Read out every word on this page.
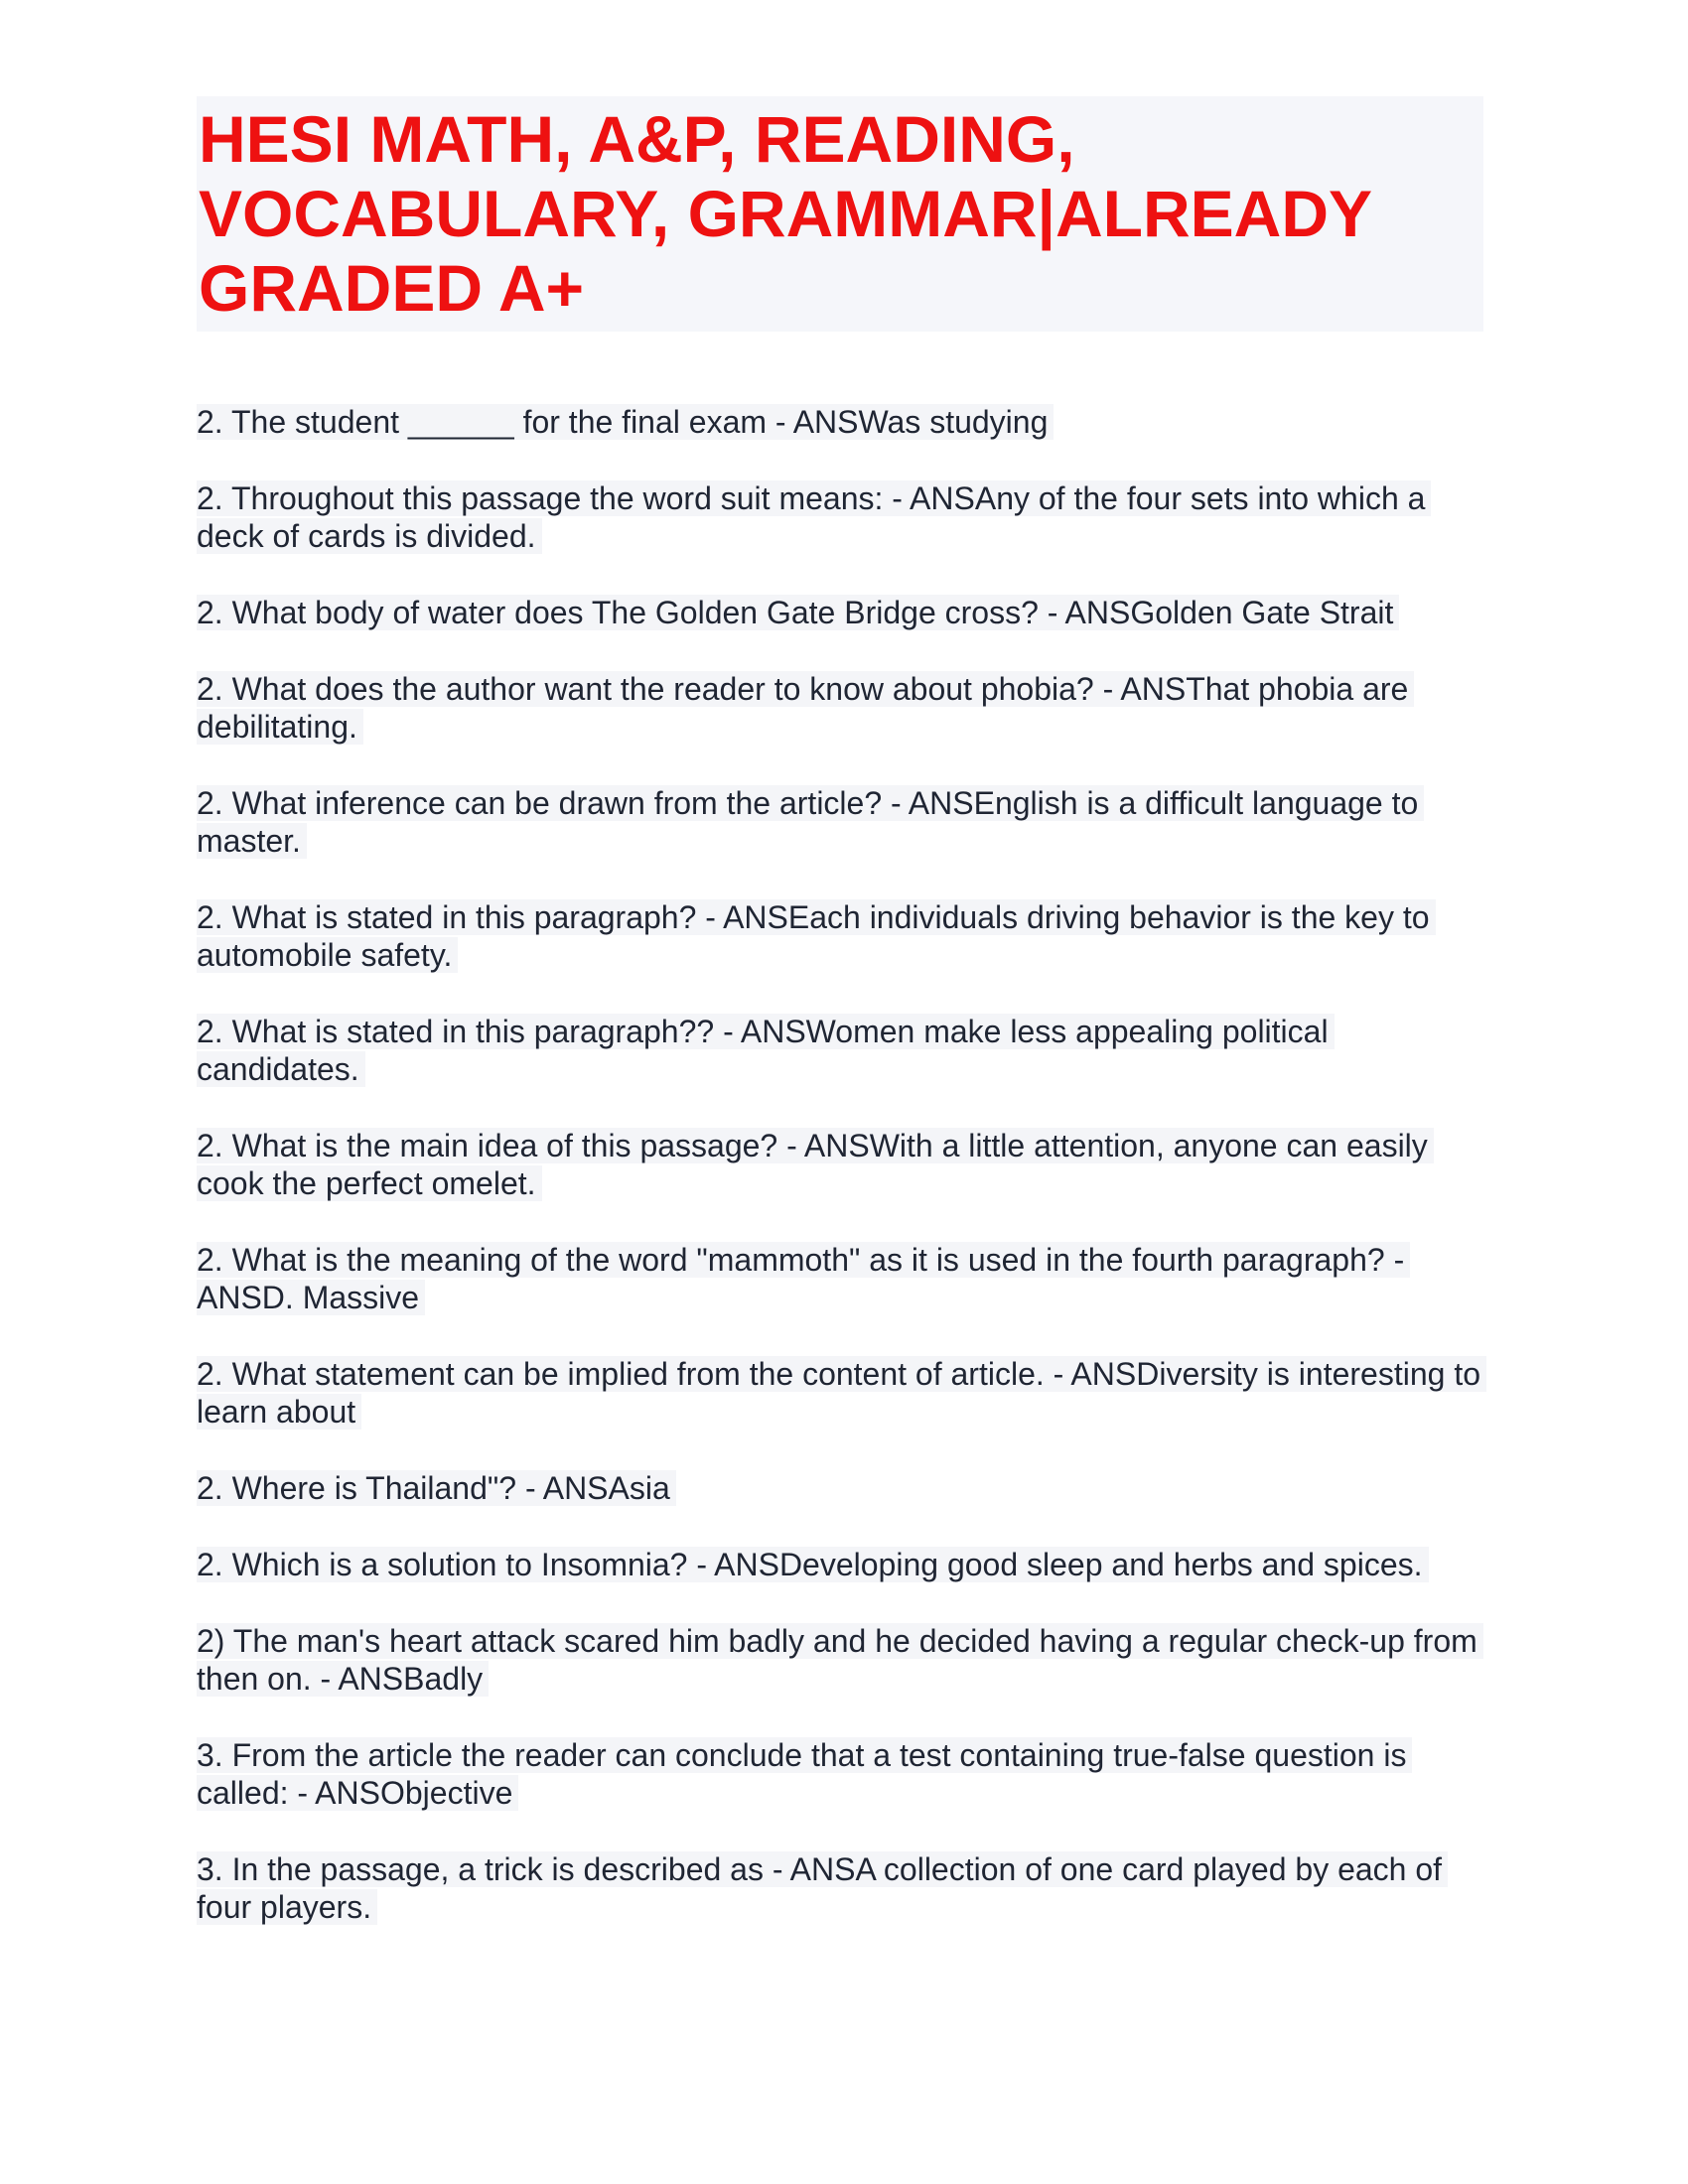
HESI MATH, A&P, READING, VOCABULARY, GRAMMAR|ALREADY GRADED A+
2. The student ______ for the final exam - ANSWas studying
2. Throughout this passage the word suit means: - ANSAny of the four sets into which a deck of cards is divided.
2. What body of water does The Golden Gate Bridge cross? - ANSGolden Gate Strait
2. What does the author want the reader to know about phobia? - ANSThat phobia are debilitating.
2. What inference can be drawn from the article? - ANSEnglish is a difficult language to master.
2. What is stated in this paragraph? - ANSEach individuals driving behavior is the key to automobile safety.
2. What is stated in this paragraph?? - ANSWomen make less appealing political candidates.
2. What is the main idea of this passage? - ANSWith a little attention, anyone can easily cook the perfect omelet.
2. What is the meaning of the word "mammoth" as it is used in the fourth paragraph? - ANSD. Massive
2. What statement can be implied from the content of article. - ANSDiversity is interesting to learn about
2. Where is Thailand"? - ANSAsia
2. Which is a solution to Insomnia? - ANSDeveloping good sleep and herbs and spices.
2) The man's heart attack scared him badly and he decided having a regular check-up from then on. - ANSBadly
3. From the article the reader can conclude that a test containing true-false question is called: - ANSObjective
3. In the passage, a trick is described as - ANSA collection of one card played by each of four players.
